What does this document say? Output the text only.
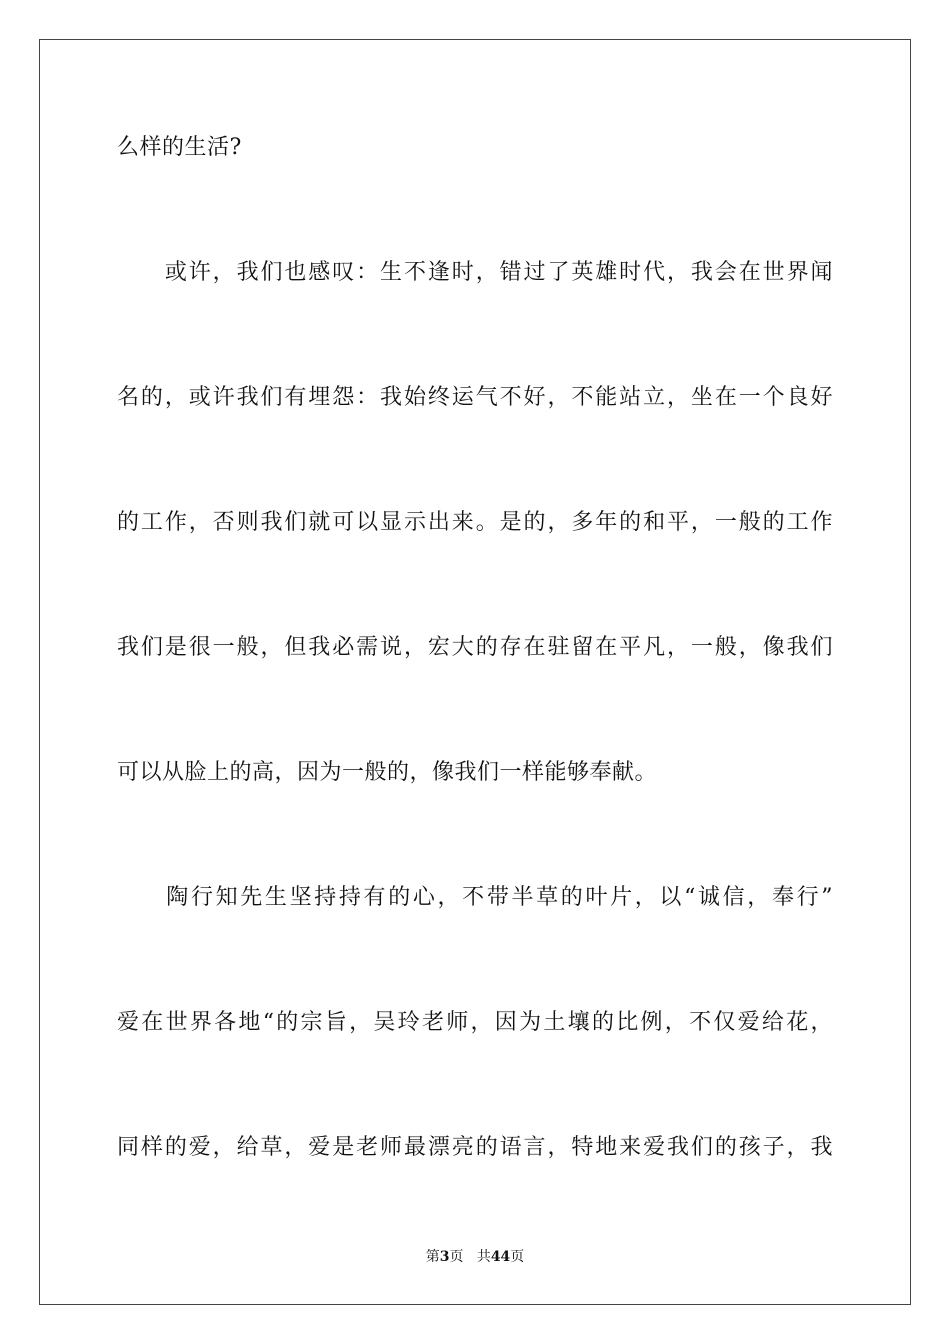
么样的生活?
　　或许，我们也感叹：生不逢时，错过了英雄时代，我会在世界闻
名的，或许我们有埋怨：我始终运气不好，不能站立，坐在一个良好
的工作，否则我们就可以显示出来。是的，多年的和平，一般的工作
我们是很一般，但我必需说，宏大的存在驻留在平凡，一般，像我们
可以从脸上的高，因为一般的，像我们一样能够奉献。
　　陶行知先生坚持持有的心，不带半草的叶片，以“诚信，奉行”
爱在世界各地“的宗旨，吴玲老师，因为土壤的比例，不仅爱给花，
同样的爱，给草，爱是老师最漂亮的语言，特地来爱我们的孩子，我
第3页 共44页
